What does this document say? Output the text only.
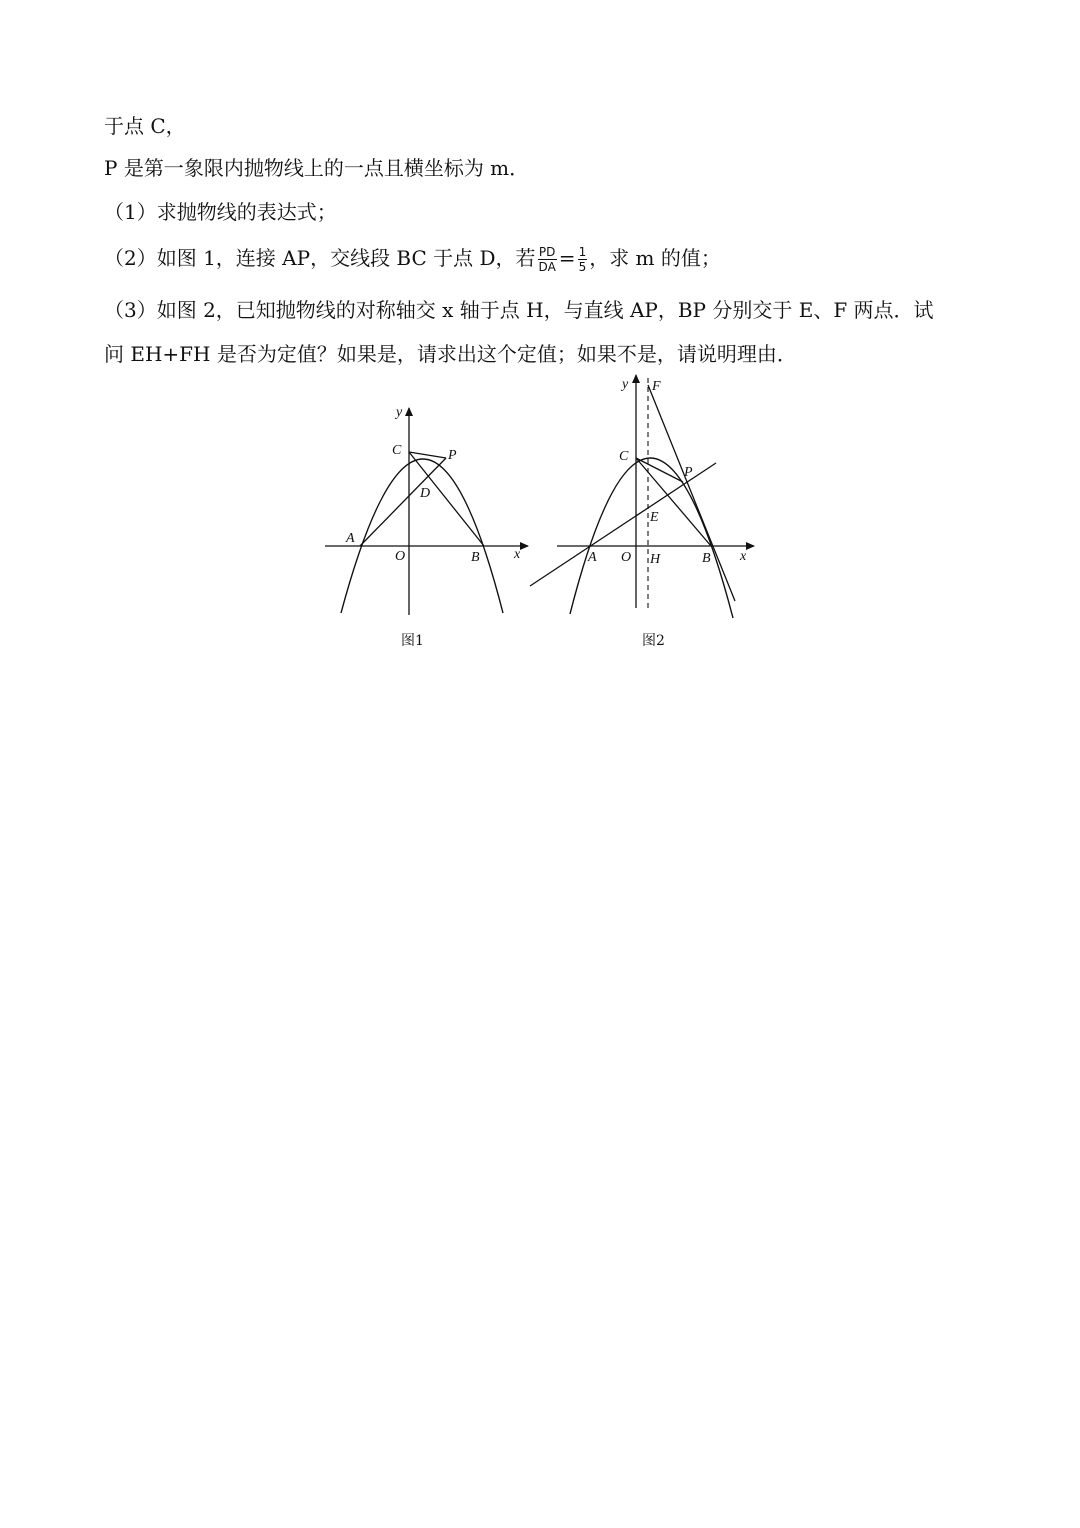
于点 C，
P 是第一象限内抛物线上的一点且横坐标为 m．
（1）求抛物线的表达式；
（2）如图 1，连接 AP，交线段 BC 于点 D，若 $\frac{PD}{DA} = \frac{1}{5}$ ，求 m 的值；
（3）如图 2，已知抛物线的对称轴交 x 轴于点 H，与直线 AP，BP 分别交于 E、F 两点．试
问 EH+FH 是否为定值？如果是，请求出这个定值；如果不是，请说明理由．
y
C	P
D
A
O	B x
图1
y F
C
P
E
A O H	B x
图2
